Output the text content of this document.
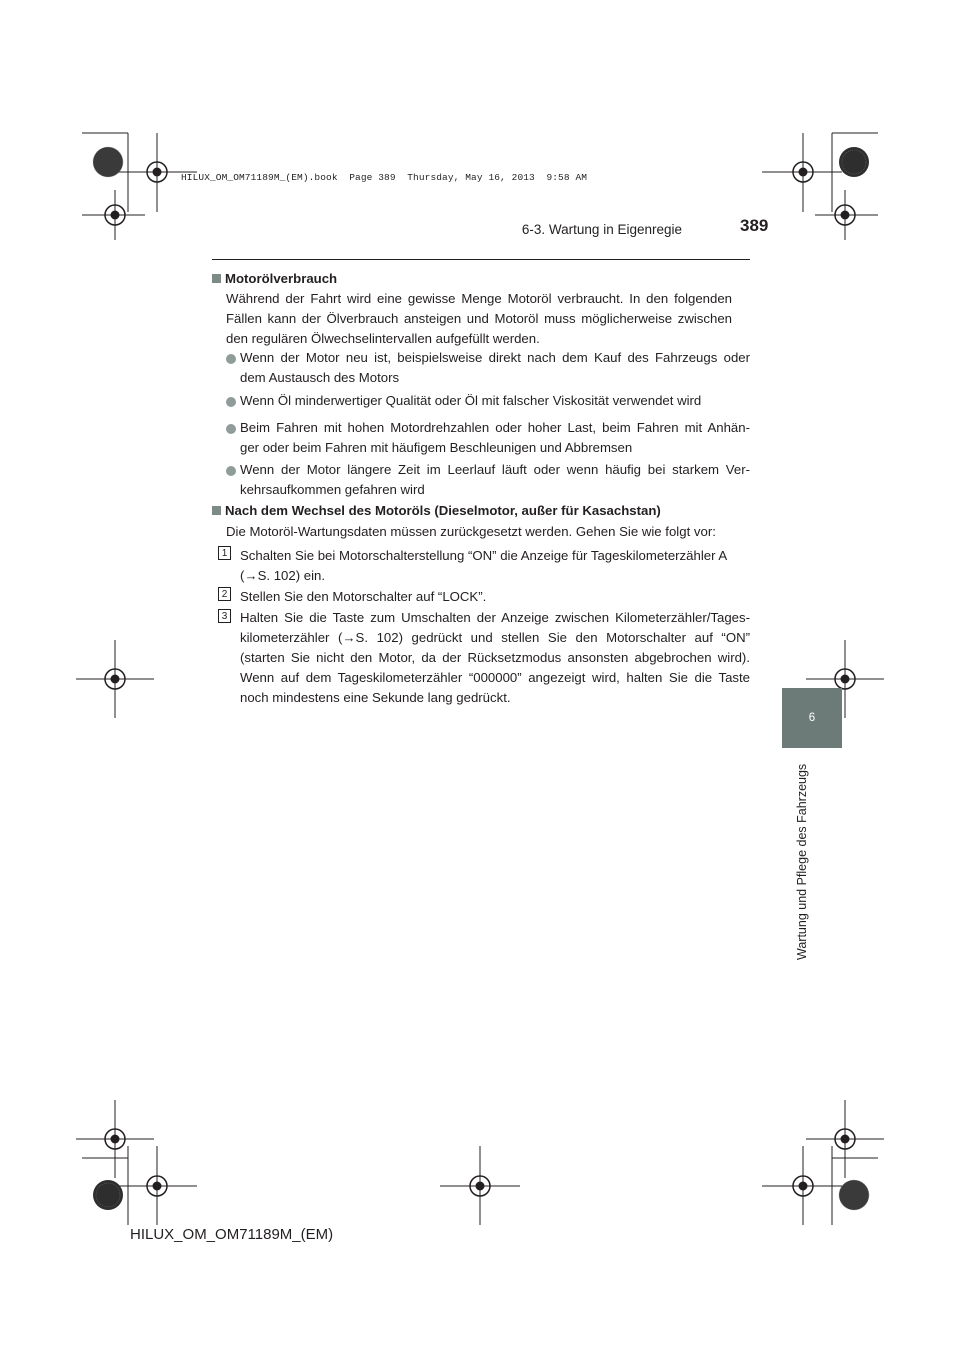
HILUX_OM_OM71189M_(EM).book  Page 389  Thursday, May 16, 2013  9:58 AM
6-3. Wartung in Eigenregie	389
6
Wartung und Pflege des Fahrzeugs
Motorölverbrauch
Während der Fahrt wird eine gewisse Menge Motoröl verbraucht. In den folgenden
Fällen kann der Ölverbrauch ansteigen und Motoröl muss möglicherweise zwischen
den regulären Ölwechselintervallen aufgefüllt werden.
Wenn der Motor neu ist, beispielsweise direkt nach dem Kauf des Fahrzeugs oder
dem Austausch des Motors
Wenn Öl minderwertiger Qualität oder Öl mit falscher Viskosität verwendet wird
Beim Fahren mit hohen Motordrehzahlen oder hoher Last, beim Fahren mit Anhän-
ger oder beim Fahren mit häufigem Beschleunigen und Abbremsen
Wenn der Motor längere Zeit im Leerlauf läuft oder wenn häufig bei starkem Ver-
kehrsaufkommen gefahren wird
Nach dem Wechsel des Motoröls (Dieselmotor, außer für Kasachstan)
Die Motoröl-Wartungsdaten müssen zurückgesetzt werden. Gehen Sie wie folgt vor:
1 Schalten Sie bei Motorschalterstellung “ON” die Anzeige für Tageskilometerzähler A
(→S. 102) ein.
2 Stellen Sie den Motorschalter auf “LOCK”.
3 Halten Sie die Taste zum Umschalten der Anzeige zwischen Kilometerzähler/Tages-
kilometerzähler (→S. 102) gedrückt und stellen Sie den Motorschalter auf “ON”
(starten Sie nicht den Motor, da der Rücksetzmodus ansonsten abgebrochen wird).
Wenn auf dem Tageskilometerzähler “000000” angezeigt wird, halten Sie die Taste
noch mindestens eine Sekunde lang gedrückt.
HILUX_OM_OM71189M_(EM)
